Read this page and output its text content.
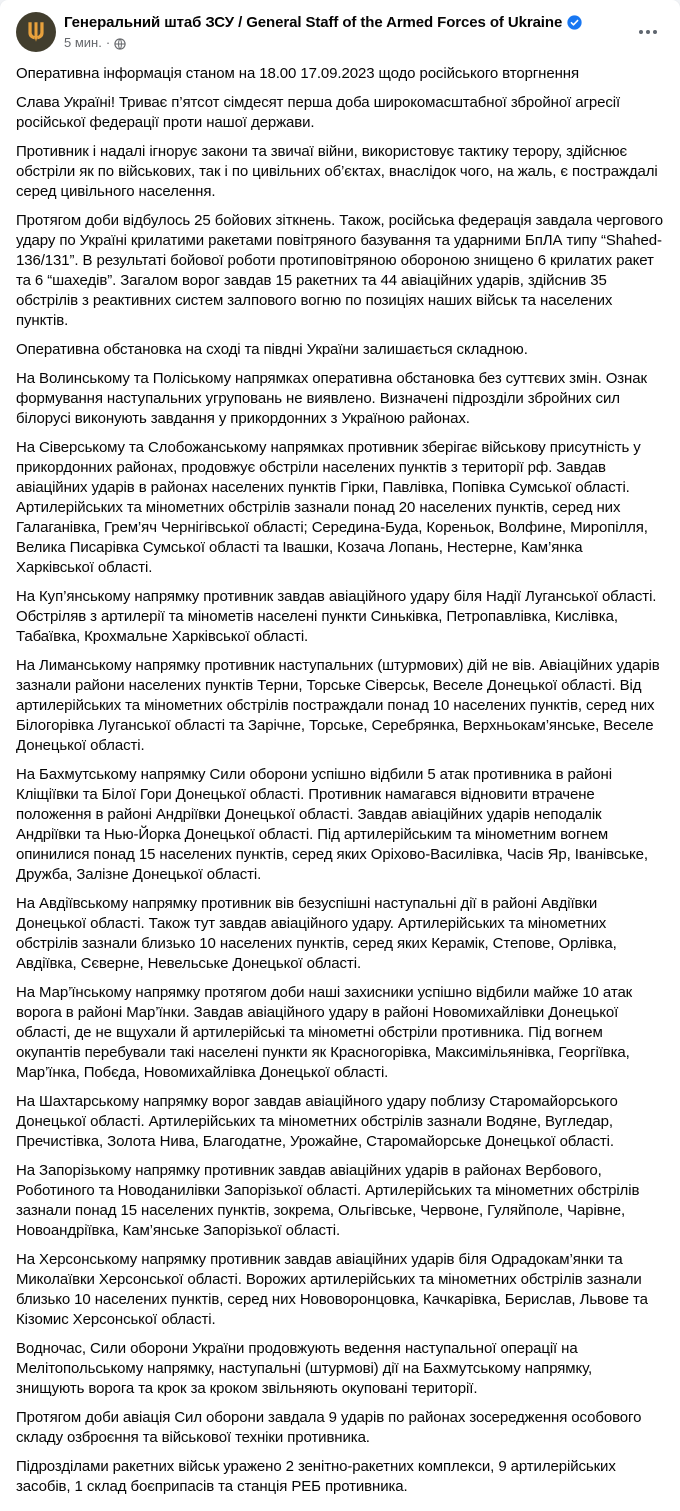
Генеральний штаб ЗСУ / General Staff of the Armed Forces of Ukraine
5 мин. ·

Оперативна інформація станом на 18.00 17.09.2023 щодо російського вторгнення

Слава Україні! Триває п’ятсот сімдесят перша доба широкомасштабної збройної агресії російської федерації проти нашої держави.

Противник і надалі ігнорує закони та звичаї війни, використовує тактику терору, здійснює обстріли як по військових, так і по цивільних об’єктах, внаслідок чого, на жаль, є постраждалі серед цивільного населення.

Протягом доби відбулось 25 бойових зіткнень. Також, російська федерація завдала чергового удару по Україні крилатими ракетами повітряного базування та ударними БпЛА типу “Shahed-136/131”. В результаті бойової роботи протиповітряною обороною знищено 6 крилатих ракет та 6 “шахедів”. Загалом ворог завдав 15 ракетних та 44 авіаційних ударів, здійснив 35 обстрілів з реактивних систем залпового вогню по позиціях наших військ та населених пунктів.

Оперативна обстановка на сході та півдні України залишається складною.

На Волинському та Поліському напрямках оперативна обстановка без суттєвих змін. Ознак формування наступальних угруповань не виявлено. Визначені підрозділи збройних сил білорусі виконують завдання у прикордонних з Україною районах.

На Сіверському та Слобожанському напрямках противник зберігає військову присутність у прикордонних районах, продовжує обстріли населених пунктів з території рф. Завдав авіаційних ударів в районах населених пунктів Гірки, Павлівка, Попівка Сумської області. Артилерійських та мінометних обстрілів зазнали понад 20 населених пунктів, серед них Галаганівка, Грем’яч Чернігівської області; Середина-Буда, Кореньок, Волфине, Миропілля, Велика Писарівка Сумської області та Івашки, Козача Лопань, Нестерне, Кам’янка Харківської області.

На Куп’янському напрямку противник завдав авіаційного удару біля Надії Луганської області. Обстріляв з артилерії та мінометів населені пункти Синьківка, Петропавлівка, Кислівка, Табаївка, Крохмальне Харківської області.

На Лиманському напрямку противник наступальних (штурмових) дій не вів. Авіаційних ударів зазнали райони населених пунктів Терни, Торське Сіверськ, Веселе Донецької області. Від артилерійських та мінометних обстрілів постраждали понад 10 населених пунктів, серед них Білогорівка Луганської області та Зарічне, Торське, Серебрянка, Верхньокам’янське, Веселе Донецької області.

На Бахмутському напрямку Сили оборони успішно відбили 5 атак противника в районі Кліщіївки та Білої Гори Донецької області. Противник намагався відновити втрачене положення в районі Андріївки Донецької області. Завдав авіаційних ударів неподалік Андріївки та Нью-Йорка Донецької області. Під артилерійським та мінометним вогнем опинилися понад 15 населених пунктів, серед яких Оріхово-Василівка, Часів Яр, Іванівське, Дружба, Залізне Донецької області.

На Авдіївському напрямку противник вів безуспішні наступальні дії в районі Авдіївки Донецької області. Також тут завдав авіаційного удару. Артилерійських та мінометних обстрілів зазнали близько 10 населених пунктів, серед яких Керамік, Степове, Орлівка, Авдіївка, Сєверне, Невельське Донецької області.

На Мар’їнському напрямку протягом доби наші захисники успішно відбили майже 10 атак ворога в районі Мар’їнки. Завдав авіаційного удару в районі Новомихайлівки Донецької області, де не вщухали й артилерійські та мінометні обстріли противника. Під вогнем окупантів перебували такі населені пункти як Красногорівка, Максимільянівка, Георгіївка, Мар’їнка, Побєда, Новомихайлівка Донецької області.

На Шахтарському напрямку ворог завдав авіаційного удару поблизу Старомайорського Донецької області. Артилерійських та мінометних обстрілів зазнали Водяне, Вугледар, Пречистівка, Золота Нива, Благодатне, Урожайне, Старомайорське Донецької області.

На Запорізькому напрямку противник завдав авіаційних ударів в районах Вербового, Роботиного та Новоданилівки Запорізької області. Артилерійських та мінометних обстрілів зазнали понад 15 населених пунктів, зокрема, Ольгівське, Червоне, Гуляйполе, Чарівне, Новоандріївка, Кам’янське Запорізької області.

На Херсонському напрямку противник завдав авіаційних ударів біля Одрадокам’янки та Миколаївки Херсонської області. Ворожих артилерійських та мінометних обстрілів зазнали близько 10 населених пунктів, серед них Нововоронцовка, Качкарівка, Берислав, Львове та Кізомис Херсонської області.

Водночас, Сили оборони України продовжують ведення наступальної операції на Мелітопольському напрямку, наступальні (штурмові) дії на Бахмутському напрямку, знищують ворога та крок за кроком звільняють окуповані території.

Протягом доби авіація Сил оборони завдала 9 ударів по районах зосередження особового складу озброєння та військової техніки противника.

Підрозділами ракетних військ уражено 2 зенітно-ракетних комплекси, 9 артилерійських засобів, 1 склад боєприпасів та станція РЕБ противника.
